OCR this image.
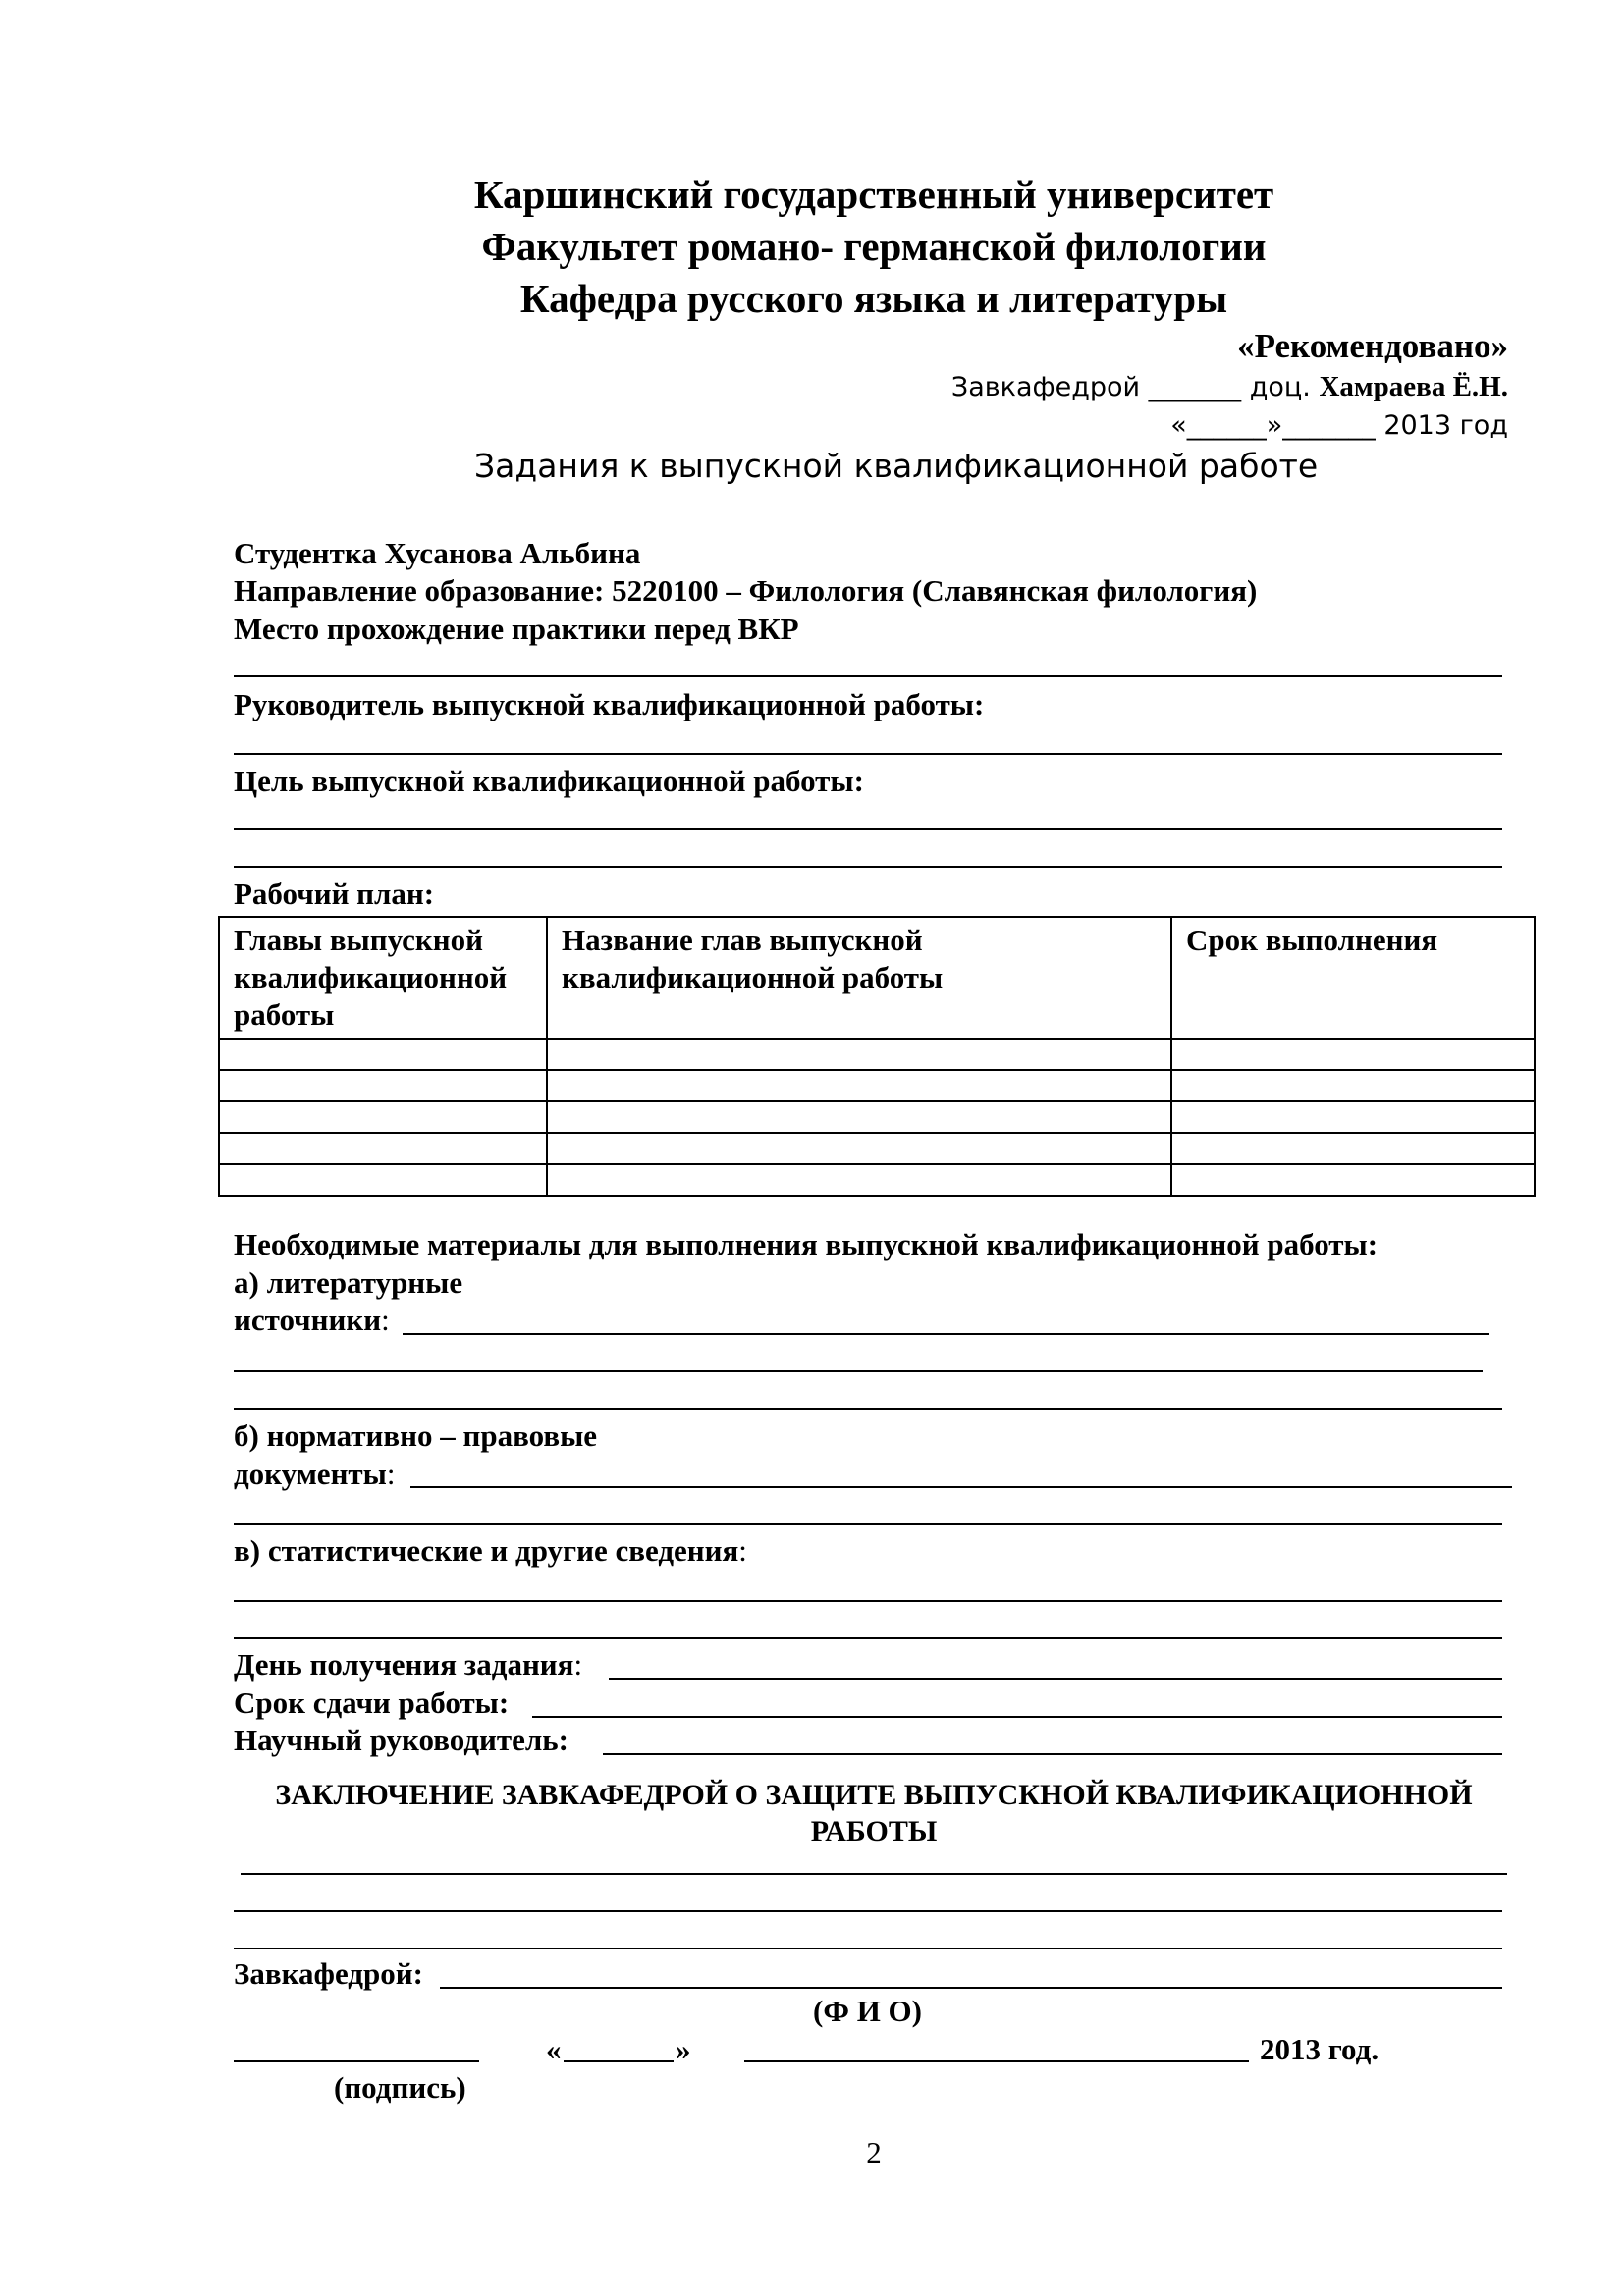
Каршинский государственный университет
Факультет романо- германской филологии
Кафедра русского языка и литературы
«Рекомендовано»
Завкафедрой _______ доц. Хамраева Ё.Н.
«______»_______ 2013 год
Задания к выпускной квалификационной работе
Студентка Хусанова Альбина
Направление образование: 5220100 – Филология (Славянская филология)
Место прохождение практики перед ВКР
Руководитель выпускной квалификационной работы:
Цель выпускной квалификационной работы:
Рабочий план:
Главы выпускной квалификационной работы	Название глав выпускной квалификационной работы	Срок выполнения

Необходимые материалы для выполнения выпускной квалификационной работы:
а) литературные
источники:
б) нормативно – правовые
документы:
в) статистические и другие сведения:
День получения задания:
Срок сдачи работы:
Научный руководитель:
ЗАКЛЮЧЕНИЕ ЗАВКАФЕДРОЙ О ЗАЩИТЕ ВЫПУСКНОЙ КВАЛИФИКАЦИОННОЙ
РАБОТЫ
Завкафедрой:
(Ф И О)
«	»	2013 год.
(подпись)
2
